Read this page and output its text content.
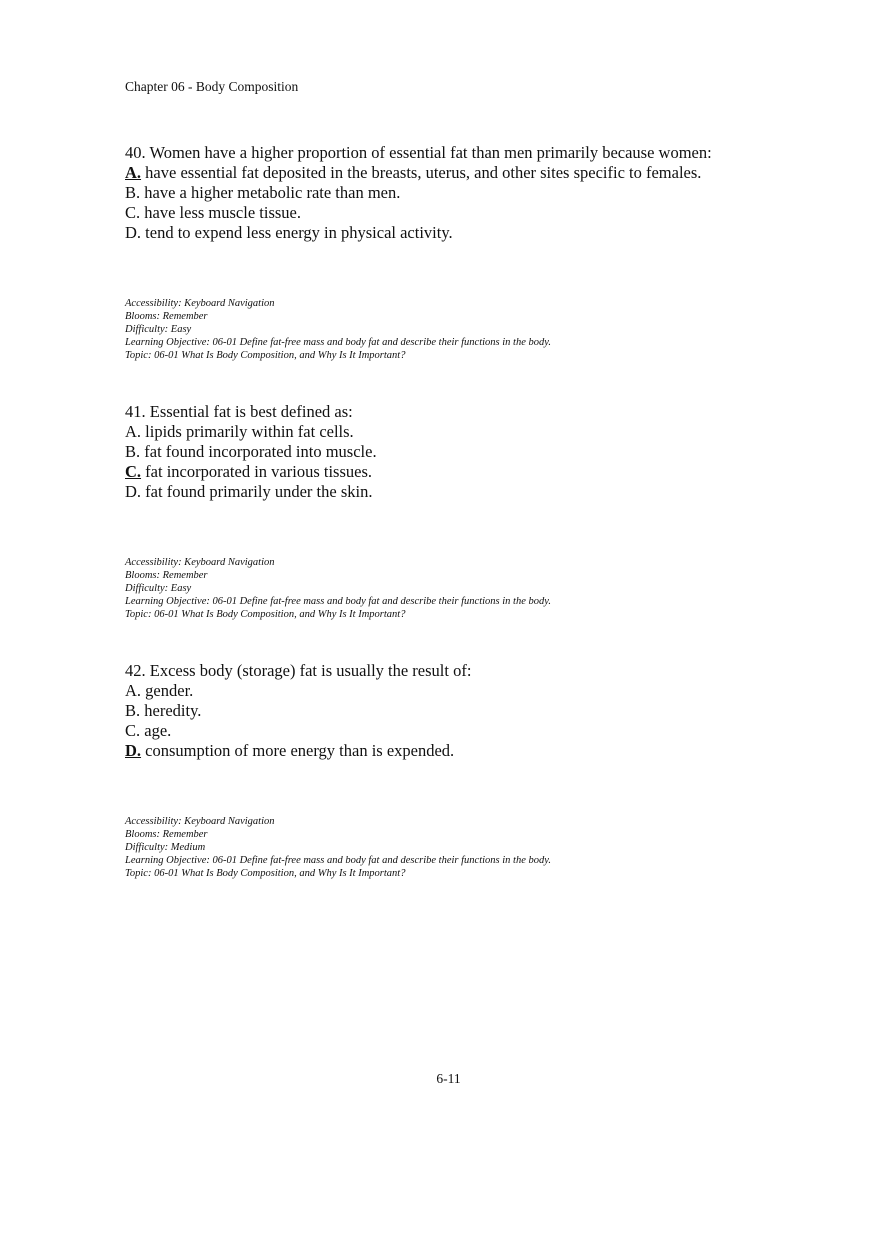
Chapter 06 - Body Composition
40. Women have a higher proportion of essential fat than men primarily because women:
A. have essential fat deposited in the breasts, uterus, and other sites specific to females.
B. have a higher metabolic rate than men.
C. have less muscle tissue.
D. tend to expend less energy in physical activity.
Accessibility: Keyboard Navigation
Blooms: Remember
Difficulty: Easy
Learning Objective: 06-01 Define fat-free mass and body fat and describe their functions in the body.
Topic: 06-01 What Is Body Composition, and Why Is It Important?
41. Essential fat is best defined as:
A. lipids primarily within fat cells.
B. fat found incorporated into muscle.
C. fat incorporated in various tissues.
D. fat found primarily under the skin.
Accessibility: Keyboard Navigation
Blooms: Remember
Difficulty: Easy
Learning Objective: 06-01 Define fat-free mass and body fat and describe their functions in the body.
Topic: 06-01 What Is Body Composition, and Why Is It Important?
42. Excess body (storage) fat is usually the result of:
A. gender.
B. heredity.
C. age.
D. consumption of more energy than is expended.
Accessibility: Keyboard Navigation
Blooms: Remember
Difficulty: Medium
Learning Objective: 06-01 Define fat-free mass and body fat and describe their functions in the body.
Topic: 06-01 What Is Body Composition, and Why Is It Important?
6-11
